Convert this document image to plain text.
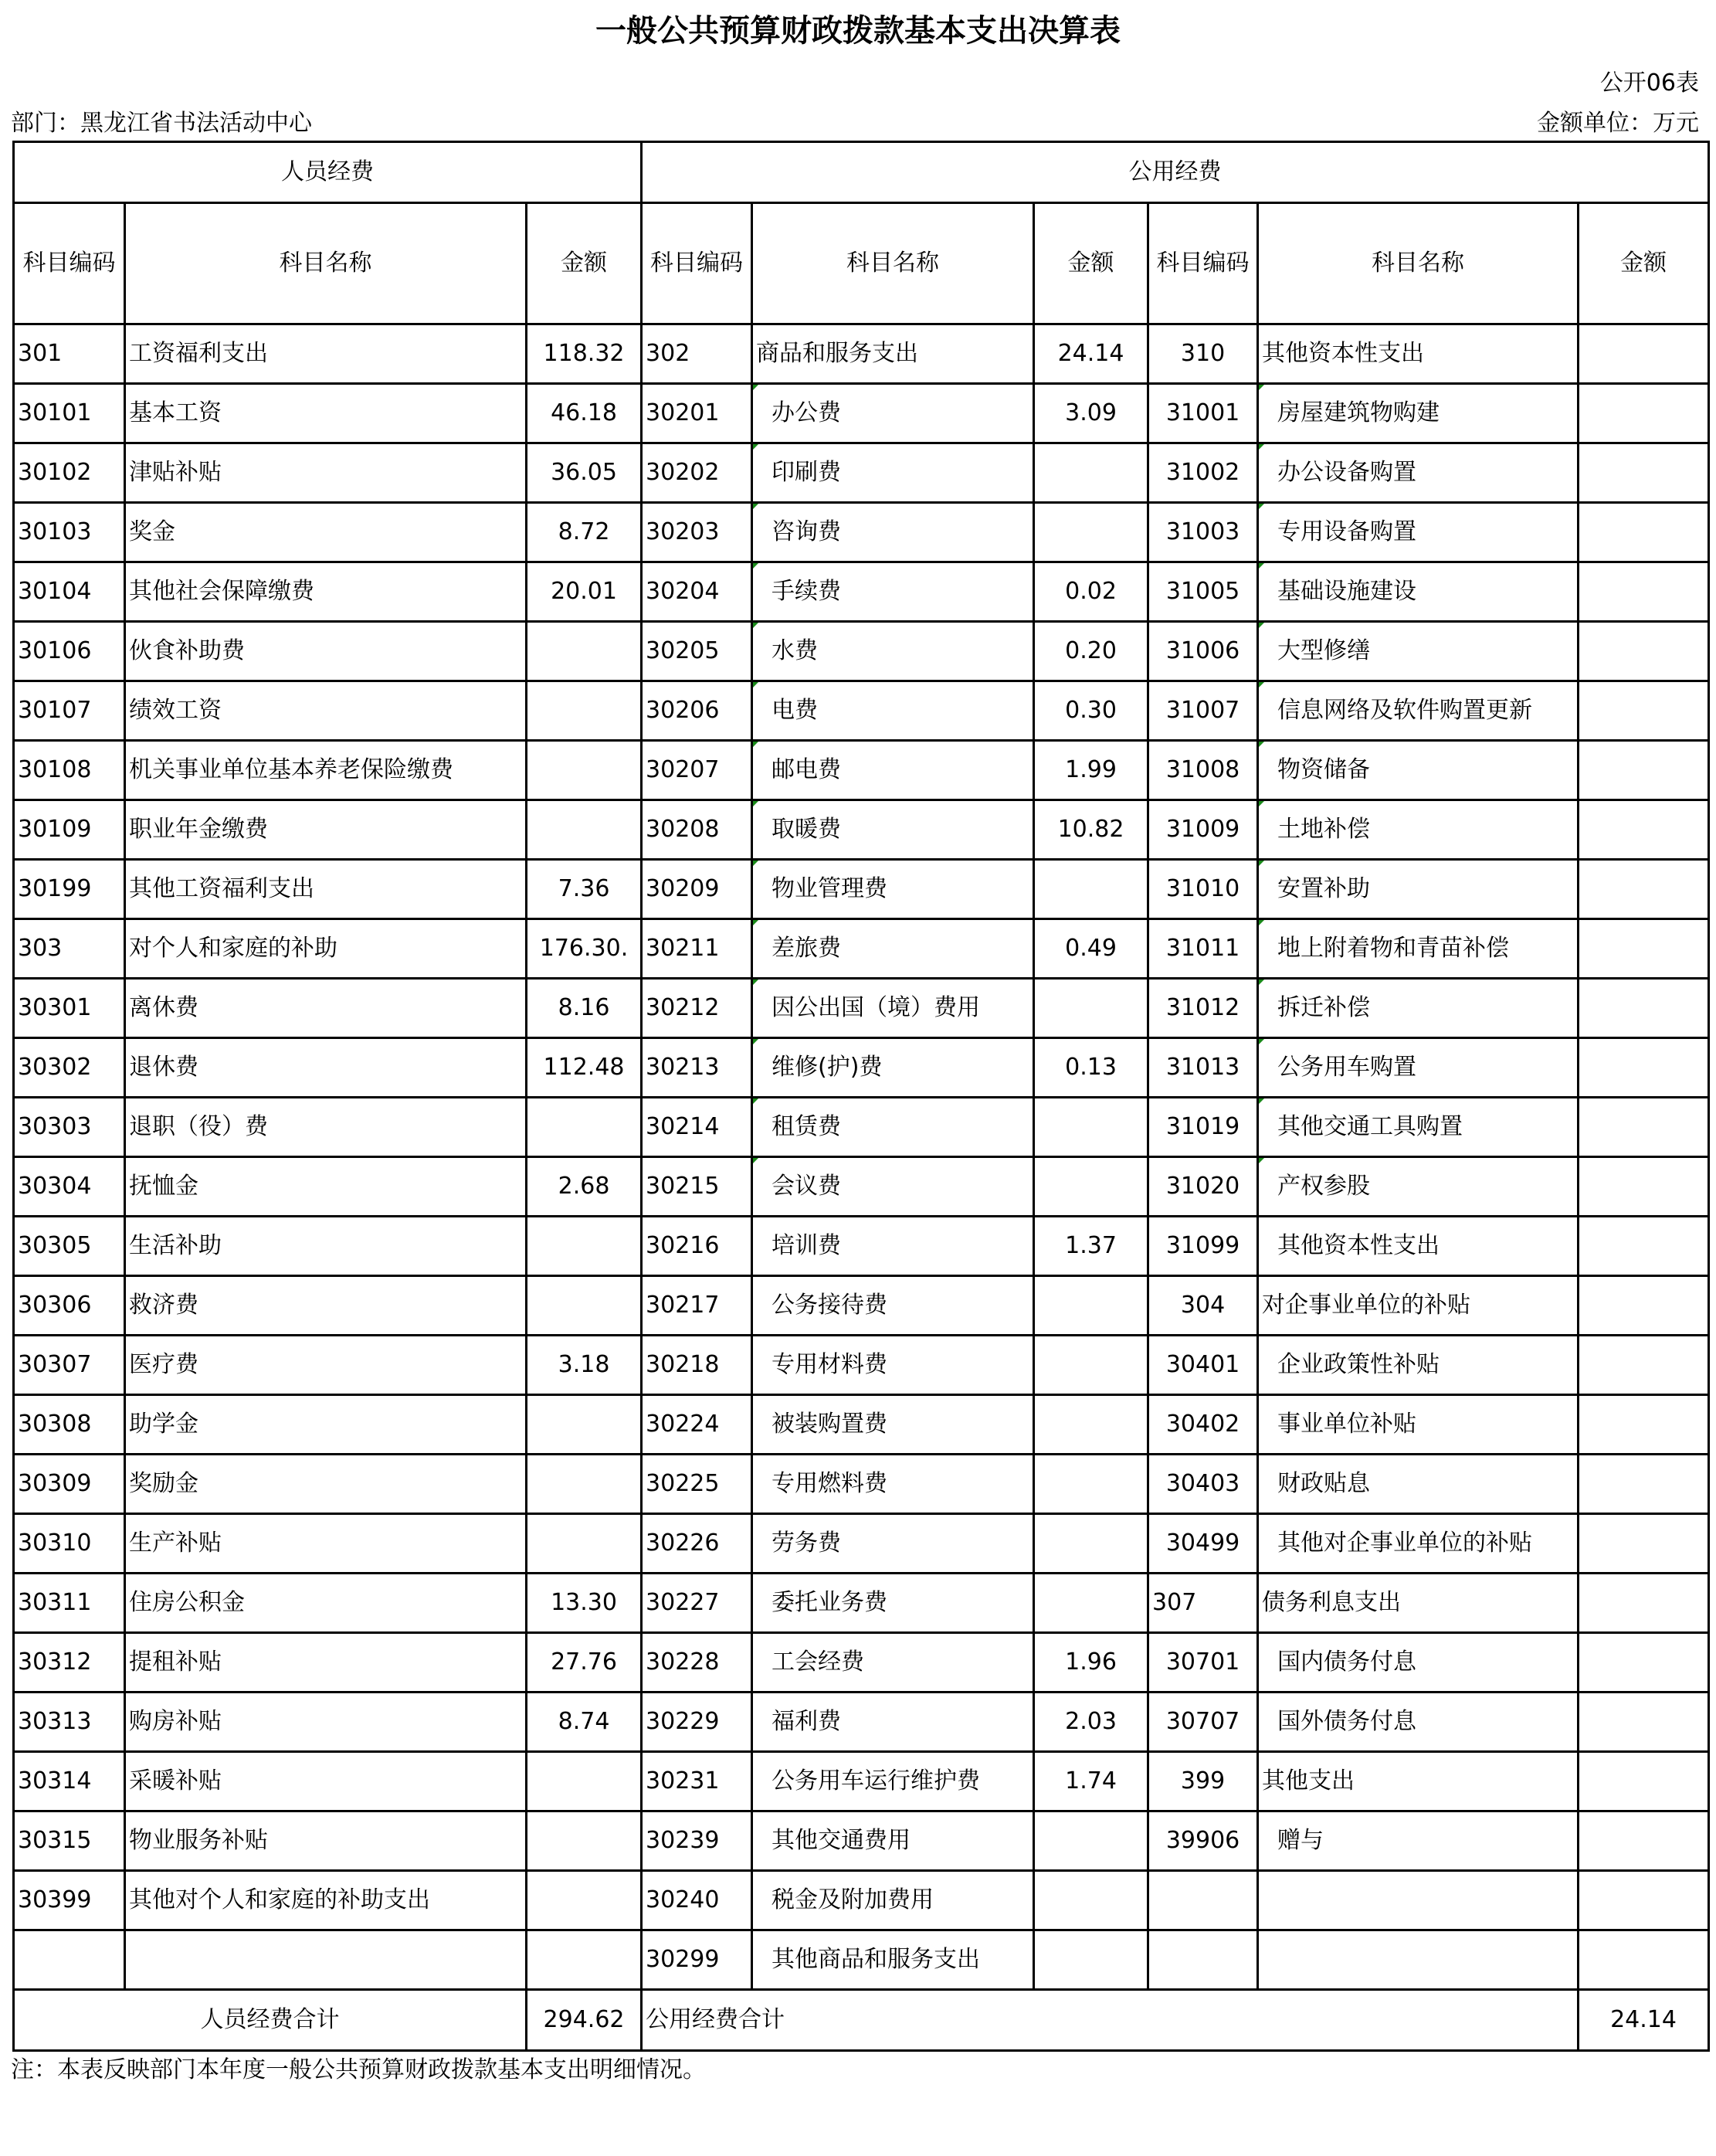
一般公共预算财政拨款基本支出决算表
公开06表
部门：黑龙江省书法活动中心	金额单位：万元
人员经费			公用经费					
科目编码	科目名称	金额	科目编码	科目名称	金额	科目编码	科目名称	金额
301	工资福利支出	118.32	302	商品和服务支出	24.14	310	其他资本性支出	
30101	基本工资	46.18	30201	办公费	3.09	31001	房屋建筑物购建	
30102	津贴补贴	36.05	30202	印刷费		31002	办公设备购置	
30103	奖金	8.72	30203	咨询费		31003	专用设备购置	
30104	其他社会保障缴费	20.01	30204	手续费	0.02	31005	基础设施建设	
30106	伙食补助费		30205	水费	0.20	31006	大型修缮	
30107	绩效工资		30206	电费	0.30	31007	信息网络及软件购置更新	
30108	机关事业单位基本养老保险缴费		30207	邮电费	1.99	31008	物资储备	
30109	职业年金缴费		30208	取暖费	10.82	31009	土地补偿	
30199	其他工资福利支出	7.36	30209	物业管理费		31010	安置补助	
303	对个人和家庭的补助	176.30.	30211	差旅费	0.49	31011	地上附着物和青苗补偿	
30301	离休费	8.16	30212	因公出国（境）费用		31012	拆迁补偿	
30302	退休费	112.48	30213	维修(护)费	0.13	31013	公务用车购置	
30303	退职（役）费		30214	租赁费		31019	其他交通工具购置	
30304	抚恤金	2.68	30215	会议费		31020	产权参股	
30305	生活补助		30216	培训费	1.37	31099	其他资本性支出	
30306	救济费		30217	公务接待费		304	对企事业单位的补贴	
30307	医疗费	3.18	30218	专用材料费		30401	企业政策性补贴	
30308	助学金		30224	被装购置费		30402	事业单位补贴	
30309	奖励金		30225	专用燃料费		30403	财政贴息	
30310	生产补贴		30226	劳务费		30499	其他对企事业单位的补贴	
30311	住房公积金	13.30	30227	委托业务费		307	债务利息支出	
30312	提租补贴	27.76	30228	工会经费	1.96	30701	国内债务付息	
30313	购房补贴	8.74	30229	福利费	2.03	30707	国外债务付息	
30314	采暖补贴		30231	公务用车运行维护费	1.74	399	其他支出	
30315	物业服务补贴		30239	其他交通费用		39906	赠与	
30399	其他对个人和家庭的补助支出		30240	税金及附加费用				
			30299	其他商品和服务支出				
人员经费合计		294.62	公用经费合计					24.14
注：本表反映部门本年度一般公共预算财政拨款基本支出明细情况。
